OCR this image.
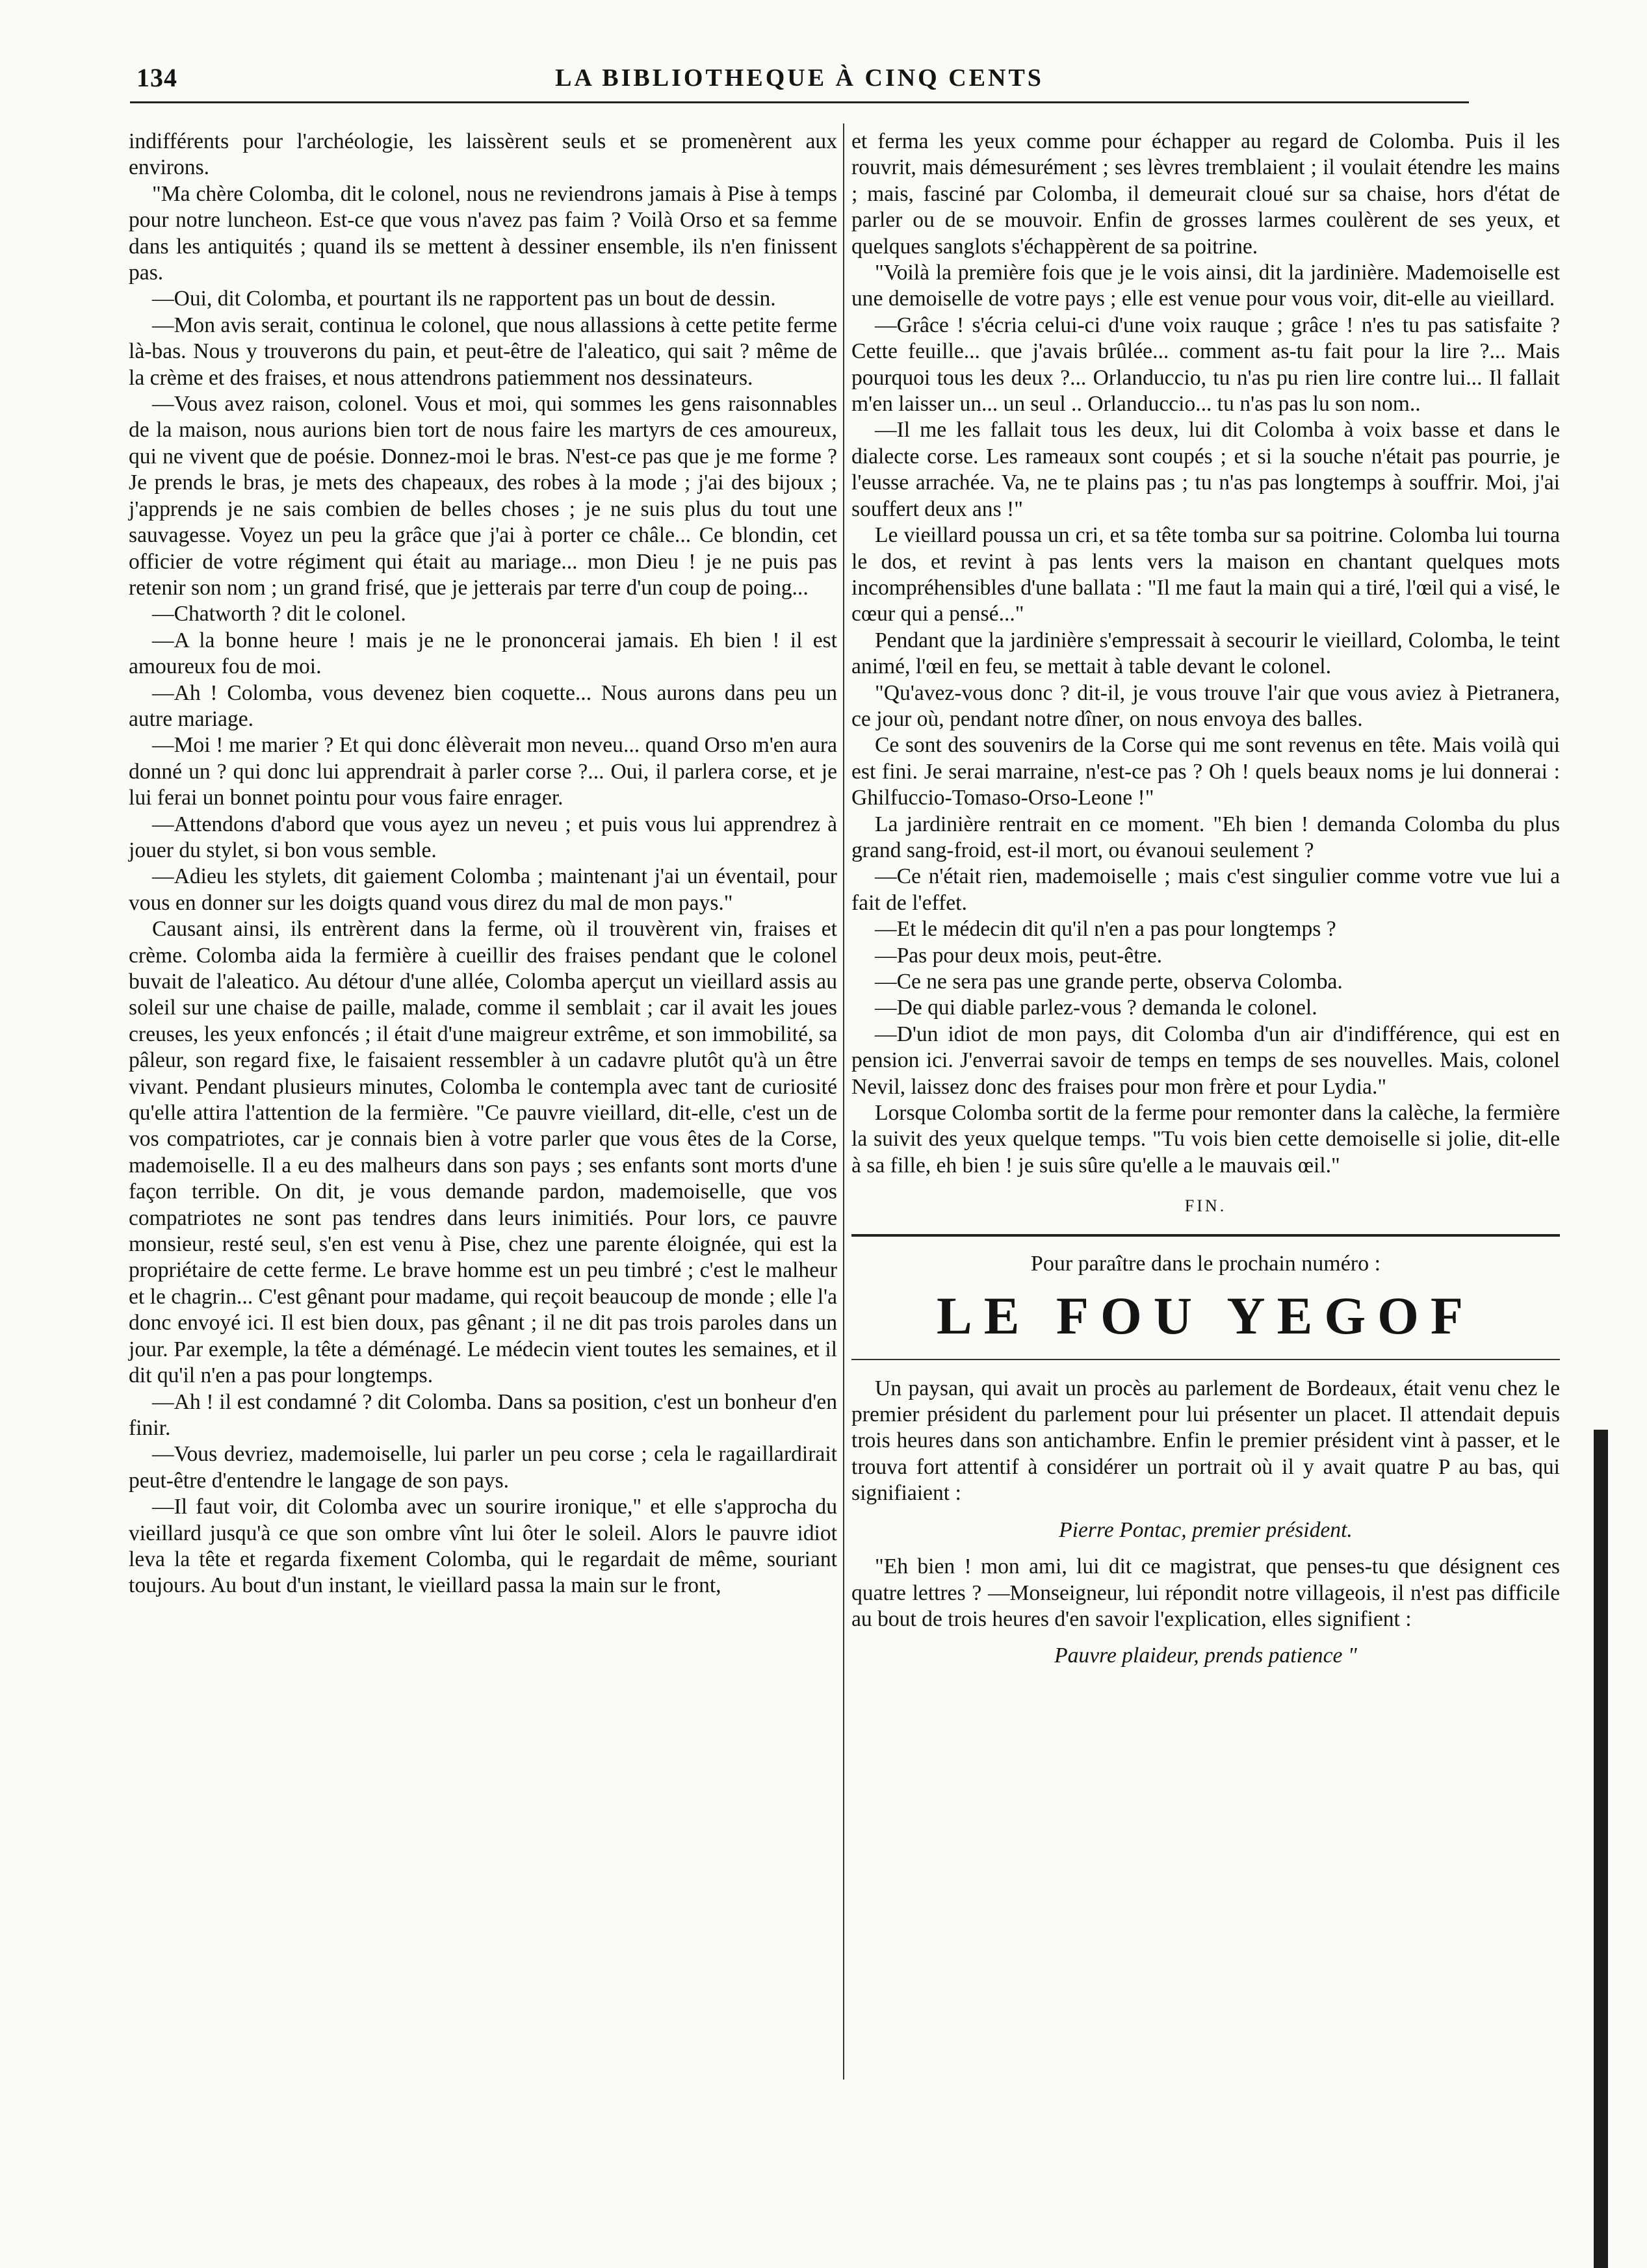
134	LA BIBLIOTHEQUE À CINQ CENTS

indifférents pour l'archéologie, les laissèrent seuls et se promenèrent aux environs.

"Ma chère Colomba, dit le colonel, nous ne reviendrons jamais à Pise à temps pour notre luncheon. Est-ce que vous n'avez pas faim ? Voilà Orso et sa femme dans les antiquités ; quand ils se mettent à dessiner ensemble, ils n'en finissent pas.

—Oui, dit Colomba, et pourtant ils ne rapportent pas un bout de dessin.

—Mon avis serait, continua le colonel, que nous allassions à cette petite ferme là-bas. Nous y trouverons du pain, et peut-être de l'aleatico, qui sait ? même de la crème et des fraises, et nous attendrons patiemment nos dessinateurs.

—Vous avez raison, colonel. Vous et moi, qui sommes les gens raisonnables de la maison, nous aurions bien tort de nous faire les martyrs de ces amoureux, qui ne vivent que de poésie. Donnez-moi le bras. N'est-ce pas que je me forme ? Je prends le bras, je mets des chapeaux, des robes à la mode ; j'ai des bijoux ; j'apprends je ne sais combien de belles choses ; je ne suis plus du tout une sauvagesse. Voyez un peu la grâce que j'ai à porter ce châle... Ce blondin, cet officier de votre régiment qui était au mariage... mon Dieu ! je ne puis pas retenir son nom ; un grand frisé, que je jetterais par terre d'un coup de poing...

—Chatworth ? dit le colonel.

—A la bonne heure ! mais je ne le prononcerai jamais. Eh bien ! il est amoureux fou de moi.

—Ah ! Colomba, vous devenez bien coquette... Nous aurons dans peu un autre mariage.

—Moi ! me marier ? Et qui donc élèverait mon neveu... quand Orso m'en aura donné un ? qui donc lui apprendrait à parler corse ?... Oui, il parlera corse, et je lui ferai un bonnet pointu pour vous faire enrager.

—Attendons d'abord que vous ayez un neveu ; et puis vous lui apprendrez à jouer du stylet, si bon vous semble.

—Adieu les stylets, dit gaiement Colomba ; maintenant j'ai un éventail, pour vous en donner sur les doigts quand vous direz du mal de mon pays."

Causant ainsi, ils entrèrent dans la ferme, où il trouvèrent vin, fraises et crème. Colomba aida la fermière à cueillir des fraises pendant que le colonel buvait de l'aleatico. Au détour d'une allée, Colomba aperçut un vieillard assis au soleil sur une chaise de paille, malade, comme il semblait ; car il avait les joues creuses, les yeux enfoncés ; il était d'une maigreur extrême, et son immobilité, sa pâleur, son regard fixe, le faisaient ressembler à un cadavre plutôt qu'à un être vivant. Pendant plusieurs minutes, Colomba le contempla avec tant de curiosité qu'elle attira l'attention de la fermière. "Ce pauvre vieillard, dit-elle, c'est un de vos compatriotes, car je connais bien à votre parler que vous êtes de la Corse, mademoiselle. Il a eu des malheurs dans son pays ; ses enfants sont morts d'une façon terrible. On dit, je vous demande pardon, mademoiselle, que vos compatriotes ne sont pas tendres dans leurs inimitiés. Pour lors, ce pauvre monsieur, resté seul, s'en est venu à Pise, chez une parente éloignée, qui est la propriétaire de cette ferme. Le brave homme est un peu timbré ; c'est le malheur et le chagrin... C'est gênant pour madame, qui reçoit beaucoup de monde ; elle l'a donc envoyé ici. Il est bien doux, pas gênant ; il ne dit pas trois paroles dans un jour. Par exemple, la tête a déménagé. Le médecin vient toutes les semaines, et il dit qu'il n'en a pas pour longtemps.

—Ah ! il est condamné ? dit Colomba. Dans sa position, c'est un bonheur d'en finir.

—Vous devriez, mademoiselle, lui parler un peu corse ; cela le ragaillardirait peut-être d'entendre le langage de son pays.

—Il faut voir, dit Colomba avec un sourire ironique," et elle s'approcha du vieillard jusqu'à ce que son ombre vînt lui ôter le soleil. Alors le pauvre idiot leva la tête et regarda fixement Colomba, qui le regardait de même, souriant toujours. Au bout d'un instant, le vieillard passa la main sur le front,

et ferma les yeux comme pour échapper au regard de Colomba. Puis il les rouvrit, mais démesurément ; ses lèvres tremblaient ; il voulait étendre les mains ; mais, fasciné par Colomba, il demeurait cloué sur sa chaise, hors d'état de parler ou de se mouvoir. Enfin de grosses larmes coulèrent de ses yeux, et quelques sanglots s'échappèrent de sa poitrine.

"Voilà la première fois que je le vois ainsi, dit la jardinière. Mademoiselle est une demoiselle de votre pays ; elle est venue pour vous voir, dit-elle au vieillard.

—Grâce ! s'écria celui-ci d'une voix rauque ; grâce ! n'es tu pas satisfaite ? Cette feuille... que j'avais brûlée... comment as-tu fait pour la lire ?... Mais pourquoi tous les deux ?... Orlanduccio, tu n'as pu rien lire contre lui... Il fallait m'en laisser un... un seul .. Orlanduccio... tu n'as pas lu son nom..

—Il me les fallait tous les deux, lui dit Colomba à voix basse et dans le dialecte corse. Les rameaux sont coupés ; et si la souche n'était pas pourrie, je l'eusse arrachée. Va, ne te plains pas ; tu n'as pas longtemps à souffrir. Moi, j'ai souffert deux ans !"

Le vieillard poussa un cri, et sa tête tomba sur sa poitrine. Colomba lui tourna le dos, et revint à pas lents vers la maison en chantant quelques mots incompréhensibles d'une ballata : "Il me faut la main qui a tiré, l'œil qui a visé, le cœur qui a pensé..."

Pendant que la jardinière s'empressait à secourir le vieillard, Colomba, le teint animé, l'œil en feu, se mettait à table devant le colonel.

"Qu'avez-vous donc ? dit-il, je vous trouve l'air que vous aviez à Pietranera, ce jour où, pendant notre dîner, on nous envoya des balles.

Ce sont des souvenirs de la Corse qui me sont revenus en tête. Mais voilà qui est fini. Je serai marraine, n'est-ce pas ? Oh ! quels beaux noms je lui donnerai : Ghilfuccio-Tomaso-Orso-Leone !"

La jardinière rentrait en ce moment. "Eh bien ! demanda Colomba du plus grand sang-froid, est-il mort, ou évanoui seulement ?

—Ce n'était rien, mademoiselle ; mais c'est singulier comme votre vue lui a fait de l'effet.

—Et le médecin dit qu'il n'en a pas pour longtemps ?

—Pas pour deux mois, peut-être.

—Ce ne sera pas une grande perte, observa Colomba.

—De qui diable parlez-vous ? demanda le colonel.

—D'un idiot de mon pays, dit Colomba d'un air d'indifférence, qui est en pension ici. J'enverrai savoir de temps en temps de ses nouvelles. Mais, colonel Nevil, laissez donc des fraises pour mon frère et pour Lydia."

Lorsque Colomba sortit de la ferme pour remonter dans la calèche, la fermière la suivit des yeux quelque temps. "Tu vois bien cette demoiselle si jolie, dit-elle à sa fille, eh bien ! je suis sûre qu'elle a le mauvais œil."

FIN.
Pour paraître dans le prochain numéro :
LE FOU YEGOF

Un paysan, qui avait un procès au parlement de Bordeaux, était venu chez le premier président du parlement pour lui présenter un placet. Il attendait depuis trois heures dans son antichambre. Enfin le premier président vint à passer, et le trouva fort attentif à considérer un portrait où il y avait quatre P au bas, qui signifiaient :

Pierre Pontac, premier président.

"Eh bien ! mon ami, lui dit ce magistrat, que penses-tu que désignent ces quatre lettres ? —Monseigneur, lui répondit notre villageois, il n'est pas difficile au bout de trois heures d'en savoir l'explication, elles signifient :

Pauvre plaideur, prends patience "
